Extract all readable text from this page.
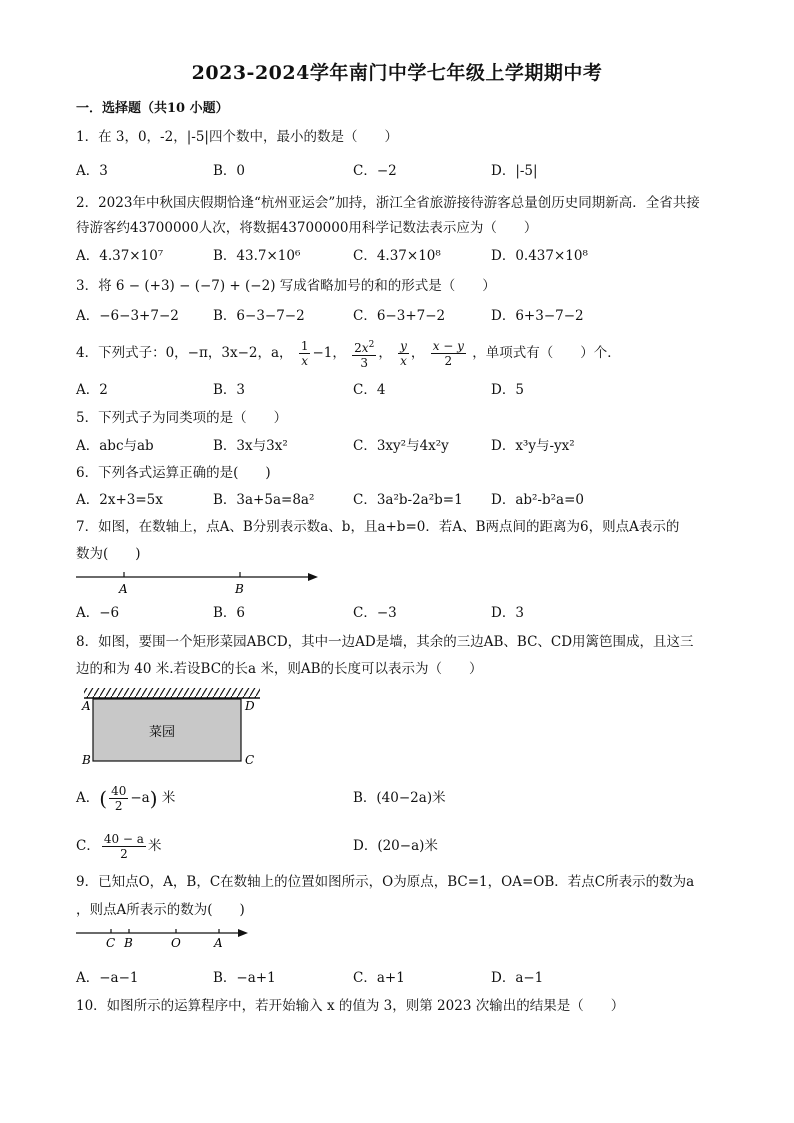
2023-2024学年南门中学七年级上学期期中考
一．选择题（共10 小题）
1．在 3，0，-2，|-5|四个数中，最小的数是（　　）
A．3	B．0	C．−2	D．|-5|
2．2023年中秋国庆假期恰逢“杭州亚运会”加持，浙江全省旅游接待游客总量创历史同期新高．全省共接
待游客约43700000人次，将数据43700000用科学记数法表示应为（　　）
A．4.37×10⁷	B．43.7×10⁶	C．4.37×10⁸	D．0.437×10⁸
3．将 6 − (+3) − (−7) + (−2) 写成省略加号的和的形式是（　　）
A．−6−3+7−2	B．6−3−7−2	C．6−3+7−2	D．6+3−7−2
4．下列式子：0，−π，3x−2，a， $\frac{1}{x} -1$， $\frac{2x^2}{3}$ ， $\frac{y}{x}$ ， $\frac{x - y}{2}$ ，单项式有（　　）个．
A．2	B．3	C．4	D．5
5．下列式子为同类项的是（　　）
A．abc与ab	B．3x与3x²	C．3xy²与4x²y	D．x³y与-yx²
6．下列各式运算正确的是(　　)
A．2x+3=5x	B．3a+5a=8a²	C．3a²b-2a²b=1 D．ab²-b²a=0
7．如图，在数轴上，点A、B分别表示数a、b，且a+b=0．若A、B两点间的距离为6，则点A表示的
数为(　　)
A	B
A．−6	B．6	C．−3	D．3
8．如图，要围一个矩形菜园ABCD，其中一边AD是墙，其余的三边AB、BC、CD用篱笆围成，且这三
边的和为 40 米.若设BC的长a 米，则AB的长度可以表示为（　　）
菜园
A
B	C
D
A．( $\frac{40}{2} -a$) 米	B．(40−2a)米
C． $\frac{40 - a}{2}$ 米	D．(20−a)米
9．已知点O，A，B，C在数轴上的位置如图所示，O为原点，BC=1，OA=OB．若点C所表示的数为a
，则点A所表示的数为(　　)
C B	O	A
A．−a−1	B．−a+1	C．a+1	D．a−1
10．如图所示的运算程序中，若开始输入 x 的值为 3，则第 2023 次输出的结果是（　　）
